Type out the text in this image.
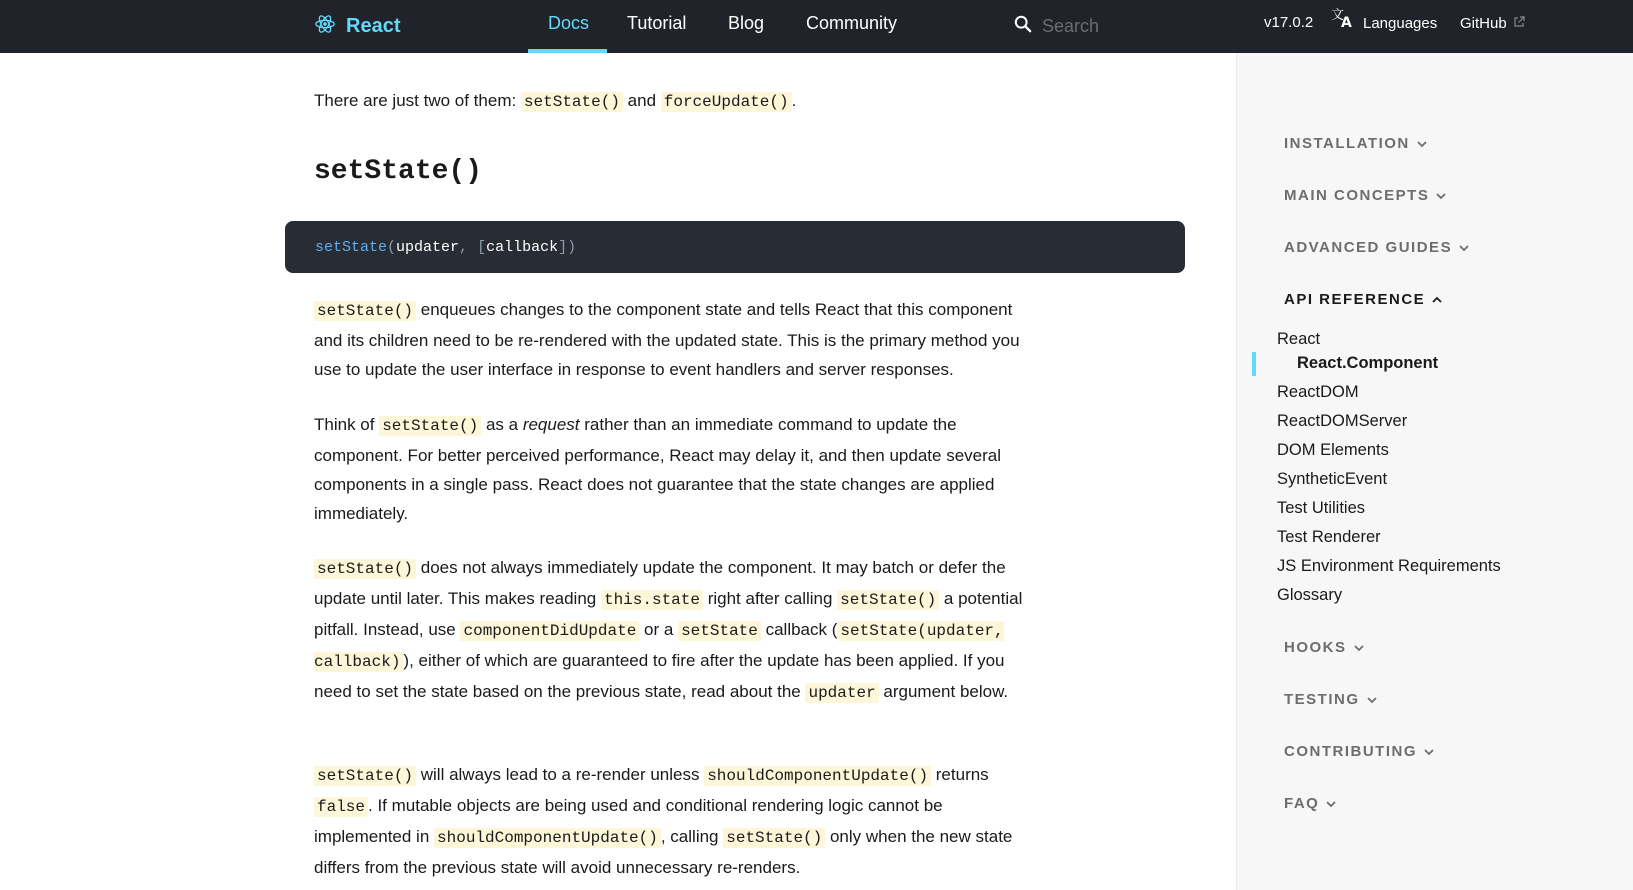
React	Docs Tutorial Blog Community
Search	v17.0.2 文
A Languages GitHub

There are just two of them: setState() and forceUpdate() .

setState()
setState ( updater , [ callback ] )

setState() enqueues changes to the component state and tells React that this component and its children need to be re-rendered with the updated state. This is the primary method you use to update the user interface in response to event handlers and server responses.

Think of setState() as a request rather than an immediate command to update the component. For better perceived performance, React may delay it, and then update several components in a single pass. React does not guarantee that the state changes are applied immediately.

setState() does not always immediately update the component. It may batch or defer the update until later. This makes reading this.state right after calling setState() a potential pitfall. Instead, use componentDidUpdate or a setState callback ( setState(updater, callback) ), either of which are guaranteed to fire after the update has been applied. If you need to set the state based on the previous state, read about the updater argument below.

setState() will always lead to a re-render unless shouldComponentUpdate() returns false . If mutable objects are being used and conditional rendering logic cannot be implemented in shouldComponentUpdate() , calling setState() only when the new state differs from the previous state will avoid unnecessary re-renders.

INSTALLATION
MAIN CONCEPTS
ADVANCED GUIDES
API REFERENCE
React
React.Component
ReactDOM
ReactDOMServer
DOM Elements
SyntheticEvent
Test Utilities
Test Renderer
JS Environment Requirements
Glossary
HOOKS
TESTING
CONTRIBUTING
FAQ
